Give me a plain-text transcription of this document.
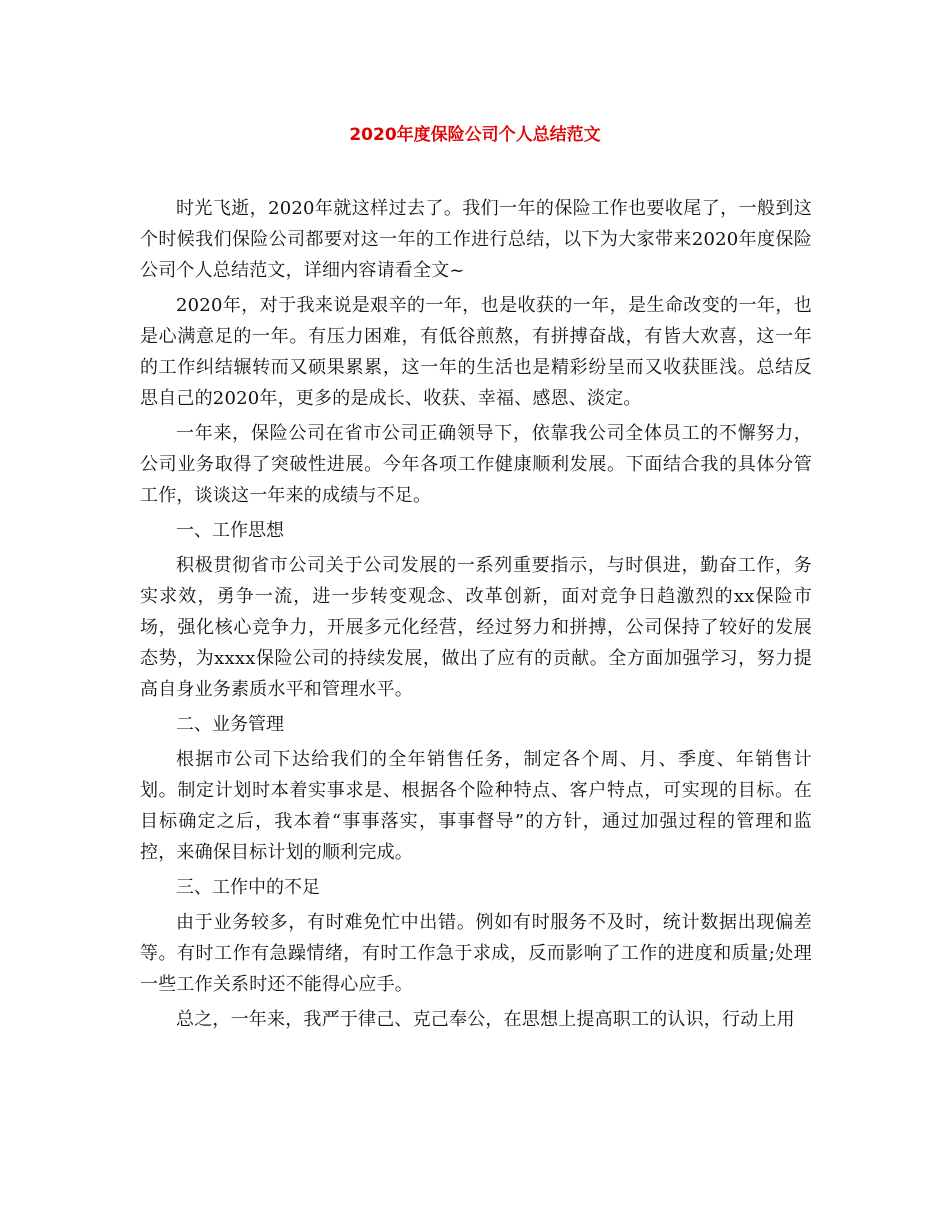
2020年度保险公司个人总结范文

时光飞逝，2020年就这样过去了。我们一年的保险工作也要收尾了，一般到这个时候我们保险公司都要对这一年的工作进行总结，以下为大家带来2020年度保险公司个人总结范文，详细内容请看全文~

2020年，对于我来说是艰辛的一年，也是收获的一年，是生命改变的一年，也是心满意足的一年。有压力困难，有低谷煎熬，有拼搏奋战，有皆大欢喜，这一年的工作纠结辗转而又硕果累累，这一年的生活也是精彩纷呈而又收获匪浅。总结反思自己的2020年，更多的是成长、收获、幸福、感恩、淡定。

一年来，保险公司在省市公司正确领导下，依靠我公司全体员工的不懈努力，公司业务取得了突破性进展。今年各项工作健康顺利发展。下面结合我的具体分管工作，谈谈这一年来的成绩与不足。

一、工作思想

积极贯彻省市公司关于公司发展的一系列重要指示，与时俱进，勤奋工作，务实求效，勇争一流，进一步转变观念、改革创新，面对竞争日趋激烈的xx保险市场，强化核心竞争力，开展多元化经营，经过努力和拼搏，公司保持了较好的发展态势，为xxxx保险公司的持续发展，做出了应有的贡献。全方面加强学习，努力提高自身业务素质水平和管理水平。

二、业务管理

根据市公司下达给我们的全年销售任务，制定各个周、月、季度、年销售计划。制定计划时本着实事求是、根据各个险种特点、客户特点，可实现的目标。在目标确定之后，我本着“事事落实，事事督导”的方针，通过加强过程的管理和监控，来确保目标计划的顺利完成。

三、工作中的不足

由于业务较多，有时难免忙中出错。例如有时服务不及时，统计数据出现偏差等。有时工作有急躁情绪，有时工作急于求成，反而影响了工作的进度和质量;处理一些工作关系时还不能得心应手。

总之，一年来，我严于律己、克己奉公，在思想上提高职工的认识，行动上用
